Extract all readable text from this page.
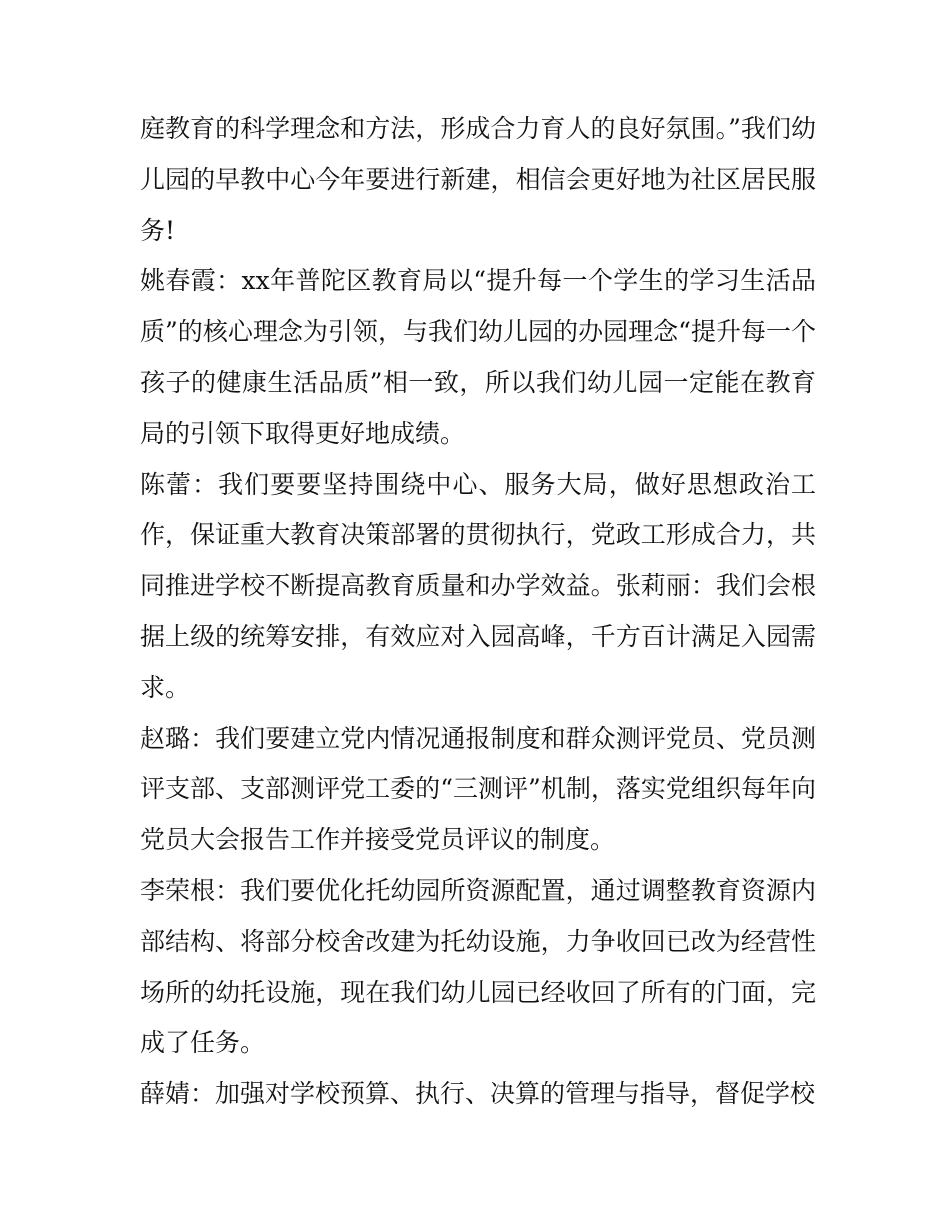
庭教育的科学理念和方法，形成合力育人的良好氛围。”我们幼儿园的早教中心今年要进行新建，相信会更好地为社区居民服务!

姚春霞：xx年普陀区教育局以“提升每一个学生的学习生活品质”的核心理念为引领，与我们幼儿园的办园理念“提升每一个孩子的健康生活品质”相一致，所以我们幼儿园一定能在教育局的引领下取得更好地成绩。

陈蕾：我们要要坚持围绕中心、服务大局，做好思想政治工作，保证重大教育决策部署的贯彻执行，党政工形成合力，共同推进学校不断提高教育质量和办学效益。张莉丽：我们会根据上级的统筹安排，有效应对入园高峰，千方百计满足入园需求。

赵璐：我们要建立党内情况通报制度和群众测评党员、党员测评支部、支部测评党工委的“三测评”机制，落实党组织每年向党员大会报告工作并接受党员评议的制度。

李荣根：我们要优化托幼园所资源配置，通过调整教育资源内部结构、将部分校舍改建为托幼设施，力争收回已改为经营性场所的幼托设施，现在我们幼儿园已经收回了所有的门面，完成了任务。

薛婧：加强对学校预算、执行、决算的管理与指导，督促学校
